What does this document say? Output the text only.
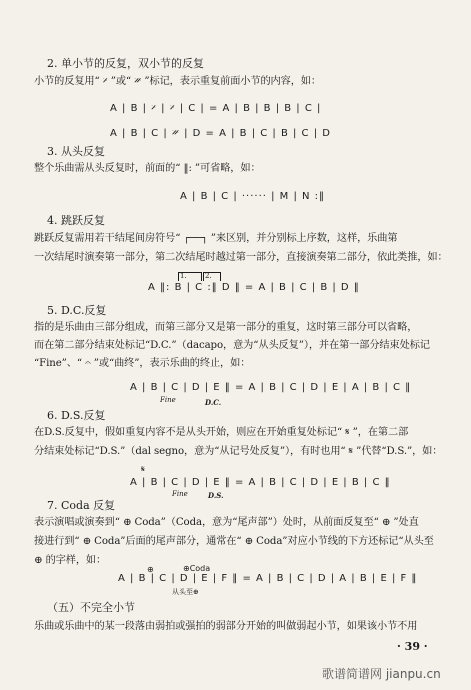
2. 单小节的反复，双小节的反复
小节的反复用“ 𝄎 ”或“ 𝄏 ”标记，表示重复前面小节的内容，如：
A | B | 𝄎 | 𝄎 | C | = A | B | B | B | C |
A | B | C | 𝄏 | D = A | B | C | B | C | D
3. 从头反复
整个乐曲需从头反复时，前面的“ ‖: ”可省略，如：
A | B | C | ······ | M | N :‖
4. 跳跃反复
跳跃反复需用若干结尾间房符号“ ┌──┐ ”来区别，并分别标上序数，这样，乐曲第
一次结尾时演奏第一部分，第二次结尾时越过第一部分，直接演奏第二部分，依此类推，如：
1.	2.
A ‖: B | C :‖ D ‖ = A | B | C | B | D ‖
5. D.C.反复
指的是乐曲由三部分组成，而第三部分又是第一部分的重复，这时第三部分可以省略，
而在第二部分结束处标记“D.C.”（dacapo，意为“从头反复”），并在第一部分结束处标记
“Fine”、“ 𝄐 ”或“曲终”，表示乐曲的终止，如：
A | B | C | D | E ‖ = A | B | C | D | E | A | B | C ‖
Fine	D.C.
6. D.S.反复
在D.S.反复中，假如重复内容不是从头开始，则应在开始重复处标记“ 𝄋 ”，在第二部
分结束处标记“D.S.”（dal segno，意为“从记号处反复”），有时也用“ 𝄋 ”代替“D.S.”，如：
𝄋
A | B | C | D | E ‖ = A | B | C | D | E | B | C ‖
Fine	D.S.
7. Coda 反复
表示演唱或演奏到“ ⊕ Coda”（Coda，意为“尾声部”）处时，从前面反复至“ ⊕ ”处直
接进行到“ ⊕ Coda”后面的尾声部分，通常在“ ⊕ Coda”对应小节线的下方还标记“从头至
⊕ 的字样，如：
⊕	⊕Coda
A | B | C | D | E | F ‖ = A | B | C | D | A | B | E | F ‖
从头至⊕
（五）不完全小节
乐曲或乐曲中的某一段落由弱拍或强拍的弱部分开始的叫做弱起小节，如果该小节不用
· 39 ·
歌谱简谱网 jianpu.cn
